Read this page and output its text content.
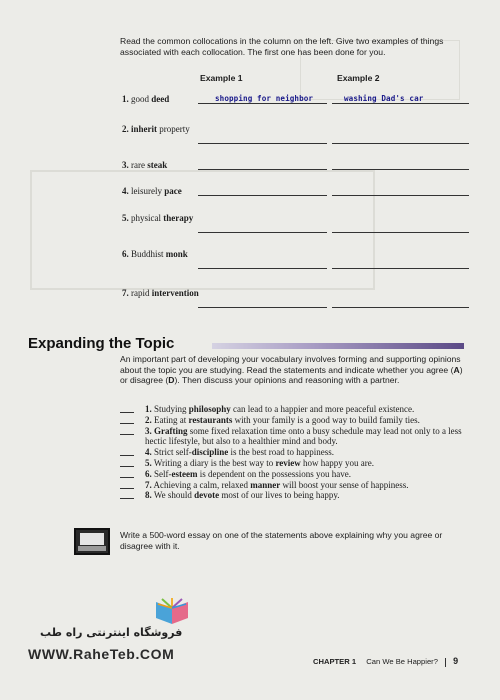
Read the common collocations in the column on the left. Give two examples of things associated with each collocation. The first one has been done for you.
Example 1	Example 2
1. good deed	shopping for neighbor	washing Dad's car
2. inherit property
3. rare steak
4. leisurely pace
5. physical therapy
6. Buddhist monk
7. rapid intervention
Expanding the Topic
An important part of developing your vocabulary involves forming and supporting opinions about the topic you are studying. Read the statements and indicate whether you agree (A) or disagree (D). Then discuss your opinions and reasoning with a partner.
1. Studying philosophy can lead to a happier and more peaceful existence.
2. Eating at restaurants with your family is a good way to build family ties.
3. Grafting some fixed relaxation time onto a busy schedule may lead not only to a less hectic lifestyle, but also to a healthier mind and body.
4. Strict self-discipline is the best road to happiness.
5. Writing a diary is the best way to review how happy you are.
6. Self-esteem is dependent on the possessions you have.
7. Achieving a calm, relaxed manner will boost your sense of happiness.
8. We should devote most of our lives to being happy.
Write a 500-word essay on one of the statements above explaining why you agree or disagree with it.
فروشگاه اینترنتی راه طب
WWW.RaheTeb.COM	CHAPTER 1 Can We Be Happier? 9
